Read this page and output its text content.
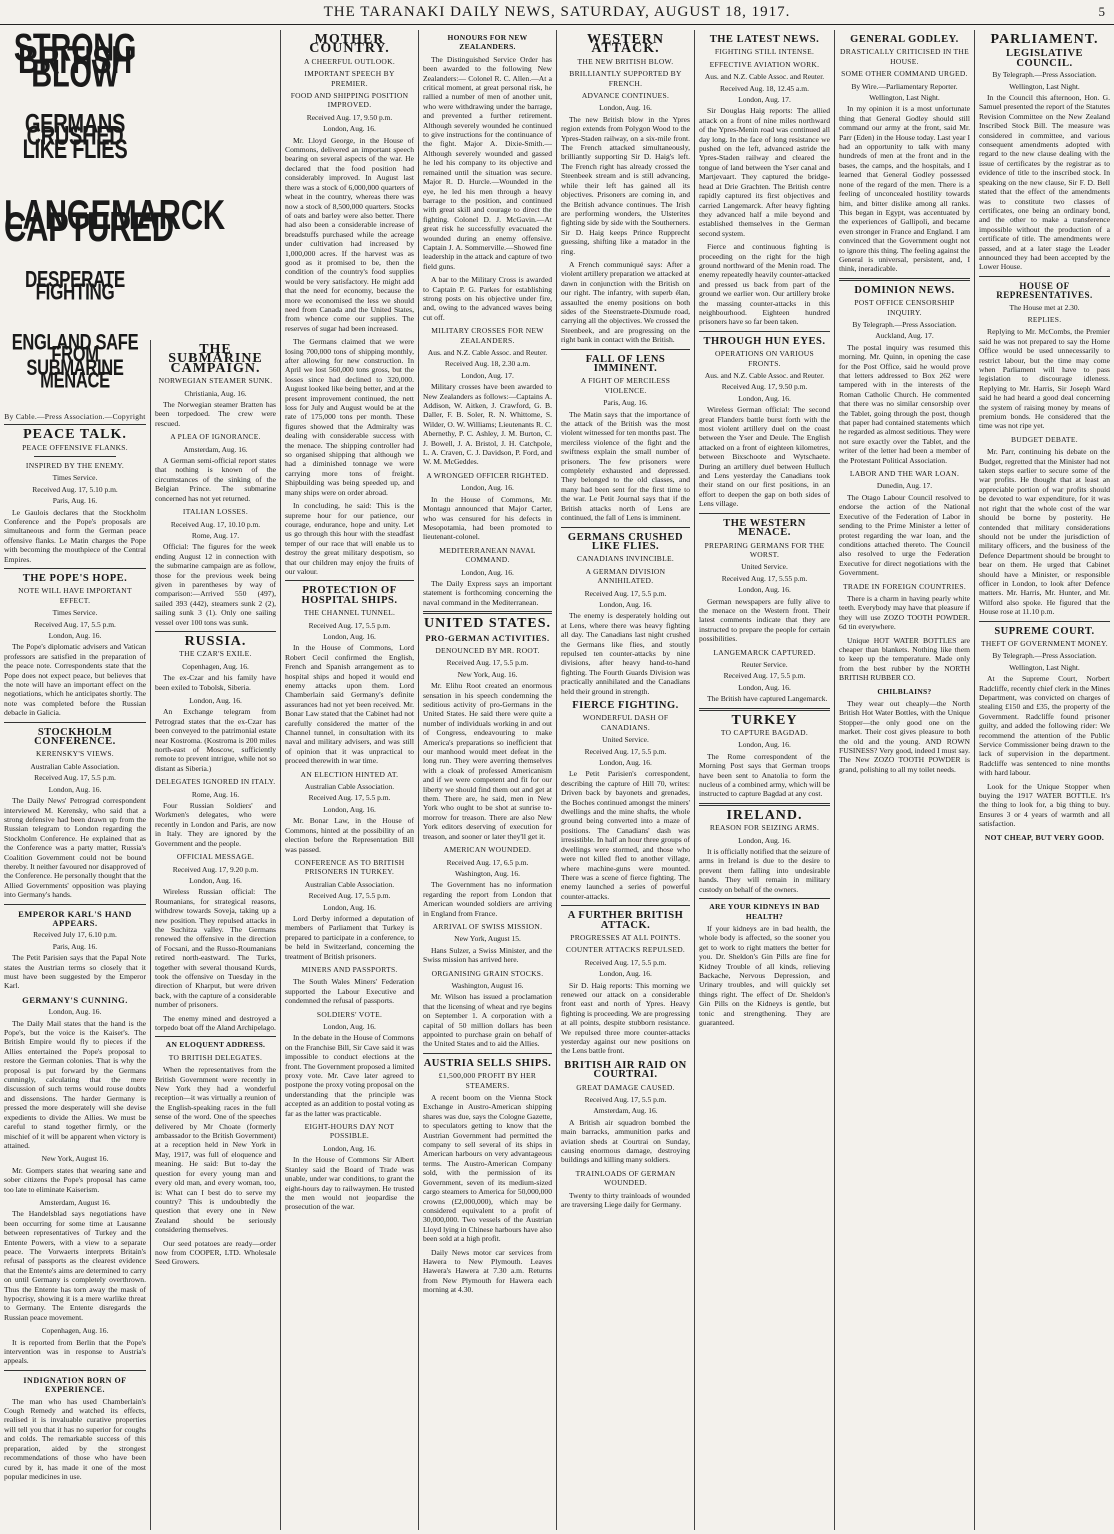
THE TARANAKI DAILY NEWS, SATURDAY, AUGUST 18, 1917.	5
STRONG BRITISH BLOW
GERMANS CRUSHED LIKE FLIES
LANGEMARCK CAPTURED
DESPERATE FIGHTING
ENGLAND SAFE FROM SUBMARINE MENACE
By Cable.—Press Association.—Copyright
PEACE TALK.
PEACE OFFENSIVE FLANKS.
INSPIRED BY THE ENEMY.
Times Service.
Received Aug. 17, 5.10 p.m.
Paris, Aug. 16.

Le Gaulois declares that the Stockholm Conference and the Pope's proposals are simultaneous and form the German peace offensive flanks. Le Matin charges the Pope with becoming the mouthpiece of the Central Empires.

THE POPE'S HOPE.
NOTE WILL HAVE IMPORTANT EFFECT.
Times Service.
Received Aug. 17, 5.5 p.m.
London, Aug. 16.

The Pope's diplomatic advisers and Vatican professors are satisfied in the preparation of the peace note. Correspondents state that the Pope does not expect peace, but believes that the note will have an important effect on the negotiations, which he anticipates shortly. The note was completed before the Russian debacle in Galicia.

STOCKHOLM CONFERENCE.
KERENSKY'S VIEWS.
Australian Cable Association.
Received Aug. 17, 5.5 p.m.
London, Aug. 16.

The Daily News' Petrograd correspondent interviewed M. Kerensky, who said that a strong defensive had been drawn up from the Russian telegram to London regarding the Stockholm Conference. He explained that as the Conference was a party matter, Russia's Coalition Government could not be bound thereby. It neither favoured nor disapproved of the Conference. He personally thought that the Allied Governments' opposition was playing into Germany's hands.

EMPEROR KARL'S HAND APPEARS.
Received July 17, 6.10 p.m.
Paris, Aug. 16.

The Petit Parisien says that the Papal Note states the Austrian terms so closely that it must have been suggested by the Emperor Karl.

GERMANY'S CUNNING.
London, Aug. 16.

The Daily Mail states that the hand is the Pope's, but the voice is the Kaiser's. The British Empire would fly to pieces if the Allies entertained the Pope's proposal to restore the German colonies. That is why the proposal is put forward by the Germans cunningly, calculating that the mere discussion of such terms would rouse doubts and dissensions. The harder Germany is pressed the more desperately will she devise expedients to divide the Allies. We must be careful to stand together firmly, or the mischief of it will be apparent when victory is attained.

New York, August 16.

Mr. Gompers states that wearing sane and sober citizens the Pope's proposal has came too late to eliminate Kaiserism.

Amsterdam, August 16.

The Handelsblad says negotiations have been occurring for some time at Lausanne between representatives of Turkey and the Entente Powers, with a view to a separate peace. The Vorwaerts interprets Britain's refusal of passports as the clearest evidence that the Entente's aims are determined to carry on until Germany is completely overthrown. Thus the Entente has torn away the mask of hypocrisy, showing it is a mere warlike threat to Germany. The Entente disregards the Russian peace movement.

Copenhagen, Aug. 16.

It is reported from Berlin that the Pope's intervention was in response to Austria's appeals.

INDIGNATION BORN OF EXPERIENCE.

The man who has used Chamberlain's Cough Remedy and watched its effects, realised it is invaluable curative properties will tell you that it has no superior for coughs and colds. The remarkable success of this preparation, aided by the strongest recommendations of those who have been cured by it, has made it one of the most popular medicines in use.

THE SUBMARINE CAMPAIGN.
NORWEGIAN STEAMER SUNK.
Christiania, Aug. 16.

The Norwegian steamer Bratten has been torpedoed. The crew were rescued.

A PLEA OF IGNORANCE.
Amsterdam, Aug. 16.

A German semi-official report states that nothing is known of the circumstances of the sinking of the Belgian Prince. The submarine concerned has not yet returned.

ITALIAN LOSSES.
Received Aug. 17, 10.10 p.m.
Rome, Aug. 17.

Official: The figures for the week ending August 12 in connection with the submarine campaign are as follow, those for the previous week being given in parentheses by way of comparison:—Arrived 550 (497), sailed 393 (442), steamers sunk 2 (2), sailing sunk 3 (1). Only one sailing vessel over 100 tons was sunk.

RUSSIA.
THE CZAR'S EXILE.
Copenhagen, Aug. 16.

The ex-Czar and his family have been exiled to Tobolsk, Siberia.

London, Aug. 16.

An Exchange telegram from Petrograd states that the ex-Czar has been conveyed to the patrimonial estate near Kostroma. (Kostroma is 200 miles north-east of Moscow, sufficiently remote to prevent intrigue, while not so distant as Siberia.)

DELEGATES IGNORED IN ITALY.
Rome, Aug. 16.

Four Russian Soldiers' and Workmen's delegates, who were recently in London and Paris, are now in Italy. They are ignored by the Government and the people.

OFFICIAL MESSAGE.
Received Aug. 17, 9.20 p.m.
London, Aug. 16.

Wireless Russian official: The Roumanians, for strategical reasons, withdrew towards Soveja, taking up a new position. They repulsed attacks in the Suchitza valley. The Germans renewed the offensive in the direction of Focsani, and the Russo-Roumanians retired north-eastward. The Turks, together with several thousand Kurds, took the offensive on Tuesday in the direction of Kharput, but were driven back, with the capture of a considerable number of prisoners.

The enemy mined and destroyed a torpedo boat off the Aland Archipelago.

AN ELOQUENT ADDRESS.
TO BRITISH DELEGATES.

When the representatives from the British Government were recently in New York they had a wonderful reception—it was virtually a reunion of the English-speaking races in the full sense of the word. One of the speeches delivered by Mr Choate (formerly ambassador to the British Government) at a reception held in New York in May, 1917, was full of eloquence and meaning. He said: But to-day the question for every young man and every old man, and every woman, too, is: What can I best do to serve my country? This is undoubtedly the question that every one in New Zealand should be seriously considering themselves.

Our seed potatoes are ready—order now from COOPER, LTD. Wholesale Seed Growers.

MOTHER COUNTRY.
A CHEERFUL OUTLOOK.
IMPORTANT SPEECH BY PREMIER.
FOOD AND SHIPPING POSITION IMPROVED.
Received Aug. 17, 9.50 p.m.
London, Aug. 16.

Mr. Lloyd George, in the House of Commons, delivered an important speech bearing on several aspects of the war. He declared that the food position had considerably improved. In August last there was a stock of 6,000,000 quarters of wheat in the country, whereas there was now a stock of 8,500,000 quarters. Stocks of oats and barley were also better. There had also been a considerable increase of breadstuffs purchased while the acreage under cultivation had increased by 1,000,000 acres. If the harvest was as good as it promised to be, then the condition of the country's food supplies would be very satisfactory. He might add that the need for economy, because the more we economised the less we should need from Canada and the United States, from whence come our supplies. The reserves of sugar had been increased.

The Germans claimed that we were losing 700,000 tons of shipping monthly, after allowing for new construction. In April we lost 560,000 tons gross, but the losses since had declined to 320,000. August looked like being better, and at the present improvement continued, the nett loss for July and August would be at the rate of 175,000 tons per month. These figures showed that the Admiralty was dealing with considerable success with the menace. The shipping controller had so organised shipping that although we had a diminished tonnage we were carrying more tons of freight. Shipbuilding was being speeded up, and many ships were on order abroad.

In concluding, he said: This is the supreme hour for our patience, our courage, endurance, hope and unity. Let us go through this hour with the steadfast temper of our race that will enable us to destroy the great military despotism, so that our children may enjoy the fruits of our valour.

PROTECTION OF HOSPITAL SHIPS.
THE CHANNEL TUNNEL.
Received Aug. 17, 5.5 p.m.
London, Aug. 16.

In the House of Commons, Lord Robert Cecil confirmed the English, French and Spanish arrangement as to hospital ships and hoped it would end enemy attacks upon them. Lord Chamberlain said Germany's definite assurances had not yet been received. Mr. Bonar Law stated that the Cabinet had not carefully considered the matter of the Channel tunnel, in consultation with its naval and military advisers, and was still of opinion that it was unpractical to proceed therewith in war time.

AN ELECTION HINTED AT.
Australian Cable Association.
Received Aug. 17, 5.5 p.m.
London, Aug. 16.

Mr. Bonar Law, in the House of Commons, hinted at the possibility of an election before the Representation Bill was passed.

CONFERENCE AS TO BRITISH PRISONERS IN TURKEY.
Australian Cable Association.
Received Aug. 17, 5.5 p.m.
London, Aug. 16.

Lord Derby informed a deputation of members of Parliament that Turkey is prepared to participate in a conference, to be held in Switzerland, concerning the treatment of British prisoners.

MINERS AND PASSPORTS.

The South Wales Miners' Federation supported the Labour Executive and condemned the refusal of passports.

SOLDIERS' VOTE.
London, Aug. 16.

In the debate in the House of Commons on the Franchise Bill, Sir Cave said it was impossible to conduct elections at the front. The Government proposed a limited proxy vote. Mr. Cave later agreed to postpone the proxy voting proposal on the understanding that the principle was accepted as an addition to postal voting as far as the latter was practicable.

EIGHT-HOURS DAY NOT POSSIBLE.
London, Aug. 16.

In the House of Commons Sir Albert Stanley said the Board of Trade was unable, under war conditions, to grant the eight-hours day to railwaymen. He trusted the men would not jeopardise the prosecution of the war.

HONOURS FOR NEW ZEALANDERS.

The Distinguished Service Order has been awarded to the following New Zealanders:— Colonel R. C. Allen.—At a critical moment, at great personal risk, he rallied a number of men of another unit, who were withdrawing under the barrage, and prevented a further retirement. Although severely wounded he continued to give instructions for the continuance of the fight. Major A. Dixie-Smith.—Although severely wounded and gassed he led his company to its objective and remained until the situation was secure. Major R. D. Hurcle.—Wounded in the eye, he led his men through a heavy barrage to the position, and continued with great skill and courage to direct the fighting. Colonel D. J. McGavin.—At great risk he successfully evacuated the wounded during an enemy offensive. Captain J. A. Sommerville.—Showed fine leadership in the attack and capture of two field guns.

A bar to the Military Cross is awarded to Captain P. G. Parkes for establishing strong posts on his objective under fire, and, owing to the advanced waves being cut off.

MILITARY CROSSES FOR NEW ZEALANDERS.
Aus. and N.Z. Cable Assoc. and Reuter.
Received Aug. 18, 2.30 a.m.
London, Aug. 17.

Military crosses have been awarded to New Zealanders as follows:—Captains A. Addison, W. Aitken, J. Crawford, G. B. Daller, F. B. Soler, R. N. Whittome, S. Wilder, O. W. Williams; Lieutenants R. C. Abernethy, P. C. Ashley, J. M. Burton, C. J. Bowell, J. A. Bristol, J. H. Catchpole, L. A. Craven, C. J. Davidson, P. Ford, and W. M. McGeddes.

A WRONGED OFFICER RIGHTED.
London, Aug. 16.

In the House of Commons, Mr. Montagu announced that Major Carter, who was censured for his defects in Mesopotamia, had been promoted to lieutenant-colonel.

MEDITERRANEAN NAVAL COMMAND.
London, Aug. 16.

The Daily Express says an important statement is forthcoming concerning the naval command in the Mediterranean.

UNITED STATES.
PRO-GERMAN ACTIVITIES.
DENOUNCED BY MR. ROOT.
Received Aug. 17, 5.5 p.m.
New York, Aug. 16.

Mr. Elihu Root created an enormous sensation in his speech condemning the seditious activity of pro-Germans in the United States. He said there were quite a number of individuals working in and out of Congress, endeavouring to make America's preparations so inefficient that our manhood would meet defeat in the long run. They were averring themselves with a cloak of professed Americanism and if we were competent and fit for our liberty we should find them out and get at them. There are, he said, men in New York who ought to be shot at sunrise to-morrow for treason. There are also New York editors deserving of execution for treason, and sooner or later they'll get it.

AMERICAN WOUNDED.
Received Aug. 17, 6.5 p.m.
Washington, Aug. 16.

The Government has no information regarding the report from London that American wounded soldiers are arriving in England from France.

ARRIVAL OF SWISS MISSION.
New York, August 15.

Hans Sulzer, a Swiss Minister, and the Swiss mission has arrived here.

ORGANISING GRAIN STOCKS.
Washington, August 16.

Mr. Wilson has issued a proclamation that the licensing of wheat and rye begins on September 1. A corporation with a capital of 50 million dollars has been appointed to purchase grain on behalf of the United States and to aid the Allies.

AUSTRIA SELLS SHIPS.
£1,500,000 PROFIT BY HER STEAMERS.

A recent boom on the Vienna Stock Exchange in Austro-American shipping shares was due, says the Cologne Gazette, to speculators getting to know that the Austrian Government had permitted the company to sell several of its ships in American harbours on very advantageous terms. The Austro-American Company sold, with the permission of its Government, seven of its medium-sized cargo steamers to America for 50,000,000 crowns (£2,000,000), which may be considered equivalent to a profit of 30,000,000. Two vessels of the Austrian Lloyd lying in Chinese harbours have also been sold at a high profit.

Daily News motor car services from Hawera to New Plymouth. Leaves Hawera's Hawera at 7.30 a.m. Returns from New Plymouth for Hawera each morning at 4.30.

WESTERN ATTACK.
THE NEW BRITISH BLOW.
BRILLIANTLY SUPPORTED BY FRENCH.
ADVANCE CONTINUES.
London, Aug. 16.

The new British blow in the Ypres region extends from Polygon Wood to the Ypres-Staden railway, on a six-mile front. The French attacked simultaneously, brilliantly supporting Sir D. Haig's left. The French right has already crossed the Steenbeek stream and is still advancing, while their left has gained all its objectives. Prisoners are coming in, and the British advance continues. The Irish are performing wonders, the Ulsterites fighting side by side with the Southerners. Sir D. Haig keeps Prince Rupprecht guessing, shifting like a matador in the ring.

A French communiqué says: After a violent artillery preparation we attacked at dawn in conjunction with the British on our right. The infantry, with superb élan, assaulted the enemy positions on both sides of the Steenstraete-Dixmude road, carrying all the objectives. We crossed the Steenbeek, and are progressing on the right bank in contact with the British.

FALL OF LENS IMMINENT.
A FIGHT OF MERCILESS VIOLENCE.
Paris, Aug. 16.

The Matin says that the importance of the attack of the British was the most violent witnessed for ten months past. The merciless violence of the fight and the swiftness explain the small number of prisoners. The few prisoners were completely exhausted and depressed. They belonged to the old classes, and many had been sent for the first time to the war. Le Petit Journal says that if the British attacks north of Lens are continued, the fall of Lens is imminent.

GERMANS CRUSHED LIKE FLIES.
CANADIANS INVINCIBLE.
A GERMAN DIVISION ANNIHILATED.
Received Aug. 17, 5.5 p.m.
London, Aug. 16.

The enemy is desperately holding out at Lens, where there was heavy fighting all day. The Canadians last night crushed the Germans like flies, and stoutly repulsed ten counter-attacks by nine divisions, after heavy hand-to-hand fighting. The Fourth Guards Division was practically annihilated and the Canadians held their ground in strength.

FIERCE FIGHTING.
WONDERFUL DASH OF CANADIANS.
United Service.
Received Aug. 17, 5.5 p.m.
London, Aug. 16.

Le Petit Parisien's correspondent, describing the capture of Hill 70, writes: Driven back by bayonets and grenades, the Boches continued amongst the miners' dwellings and the mine shafts, the whole ground being converted into a maze of positions. The Canadians' dash was irresistible. In half an hour three groups of dwellings were stormed, and those who were not killed fled to another village, where machine-guns were mounted. There was a scene of fierce fighting. The enemy launched a series of powerful counter-attacks.

A FURTHER BRITISH ATTACK.
PROGRESSES AT ALL POINTS.
COUNTER ATTACKS REPULSED.
Received Aug. 17, 5.5 p.m.
London, Aug. 16.

Sir D. Haig reports: This morning we renewed our attack on a considerable front east and north of Ypres. Heavy fighting is proceeding. We are progressing at all points, despite stubborn resistance. We repulsed three more counter-attacks yesterday against our new positions on the Lens battle front.

BRITISH AIR RAID ON COURTRAI.
GREAT DAMAGE CAUSED.
Received Aug. 17, 5.5 p.m.
Amsterdam, Aug. 16.

A British air squadron bombed the main barracks, ammunition parks and aviation sheds at Courtrai on Sunday, causing enormous damage, destroying buildings and killing many soldiers.

TRAINLOADS OF GERMAN WOUNDED.

Twenty to thirty trainloads of wounded are traversing Liege daily for Germany.

THE LATEST NEWS.
FIGHTING STILL INTENSE.
EFFECTIVE AVIATION WORK.
Aus. and N.Z. Cable Assoc. and Reuter.
Received Aug. 18, 12.45 a.m.
London, Aug. 17.

Sir Douglas Haig reports: The allied attack on a front of nine miles northward of the Ypres-Menin road was continued all day long. In the face of long resistance we pushed on the left, advanced astride the Ypres-Staden railway and cleared the tongue of land between the Yser canal and Martjevaart. They captured the bridge-head at Drie Grachten. The British centre rapidly captured its first objectives and carried Langemarck. After heavy fighting they advanced half a mile beyond and established themselves in the German second system.

Fierce and continuous fighting is proceeding on the right for the high ground northward of the Menin road. The enemy repeatedly heavily counter-attacked and pressed us back from part of the ground we earlier won. Our artillery broke the massing counter-attacks in this neighbourhood. Eighteen hundred prisoners have so far been taken.

THROUGH HUN EYES.
OPERATIONS ON VARIOUS FRONTS.
Aus. and N.Z. Cable Assoc. and Reuter.
Received Aug. 17, 9.50 p.m.
London, Aug. 16.

Wireless German official: The second great Flanders battle burst forth with the most violent artillery duel on the coast between the Yser and Deule. The English attacked on a front of eighteen kilometres, between Bixschoote and Wytschaete. During an artillery duel between Hulluch and Lens yesterday the Canadians took their stand on our first positions, in an effort to deepen the gap on both sides of Lens village.

THE WESTERN MENACE.
PREPARING GERMANS FOR THE WORST.
United Service.
Received Aug. 17, 5.55 p.m.
London, Aug. 16.

German newspapers are fully alive to the menace on the Western front. Their latest comments indicate that they are instructed to prepare the people for certain possibilities.

LANGEMARCK CAPTURED.
Reuter Service.
Received Aug. 17, 5.5 p.m.
London, Aug. 16.

The British have captured Langemarck.

TURKEY
TO CAPTURE BAGDAD.
London, Aug. 16.

The Rome correspondent of the Morning Post says that German troops have been sent to Anatolia to form the nucleus of a combined army, which will be instructed to capture Bagdad at any cost.

IRELAND.
REASON FOR SEIZING ARMS.
London, Aug. 16.

It is officially notified that the seizure of arms in Ireland is due to the desire to prevent them falling into undesirable hands. They will remain in military custody on behalf of the owners.

ARE YOUR KIDNEYS IN BAD HEALTH?

If your kidneys are in bad health, the whole body is affected, so the sooner you get to work to right matters the better for you. Dr. Sheldon's Gin Pills are fine for Kidney Trouble of all kinds, relieving Backache, Nervous Depression, and Urinary troubles, and will quickly set things right. The effect of Dr. Sheldon's Gin Pills on the Kidneys is gentle, but tonic and strengthening. They are guaranteed.

GENERAL GODLEY.
DRASTICALLY CRITICISED IN THE HOUSE.
SOME OTHER COMMAND URGED.
By Wire.—Parliamentary Reporter.
Wellington, Last Night.

In my opinion it is a most unfortunate thing that General Godley should still command our army at the front, said Mr. Parr (Eden) in the House today. Last year I had an opportunity to talk with many hundreds of men at the front and in the bases, the camps, and the hospitals, and I learned that General Godley possessed none of the regard of the men. There is a feeling of unconcealed hostility towards him, and bitter dislike among all ranks. This began in Egypt, was accentuated by the experiences of Gallipoli, and became even stronger in France and England. I am convinced that the Government ought not to ignore this thing. The feeling against the General is universal, persistent, and, I think, ineradicable.

DOMINION NEWS.
POST OFFICE CENSORSHIP INQUIRY.
By Telegraph.—Press Association.
Auckland, Aug. 17.

The postal inquiry was resumed this morning. Mr. Quinn, in opening the case for the Post Office, said he would prove that letters addressed to Box 262 were tampered with in the interests of the Roman Catholic Church. He commented that there was no similar censorship over the Tablet, going through the post, though that paper had contained statements which he regarded as almost seditious. They were not sure exactly over the Tablet, and the writer of the letter had been a member of the Protestant Political Association.

LABOR AND THE WAR LOAN.
Dunedin, Aug. 17.

The Otago Labour Council resolved to endorse the action of the National Executive of the Federation of Labor in sending to the Prime Minister a letter of protest regarding the war loan, and the conditions attached thereto. The Council also resolved to urge the Federation Executive for direct negotiations with the Government.

TRADE IN FOREIGN COUNTRIES.

There is a charm in having pearly white teeth. Everybody may have that pleasure if they will use ZOZO TOOTH POWDER. 6d tin everywhere.

Unique HOT WATER BOTTLES are cheaper than blankets. Nothing like them to keep up the temperature. Made only from the best rubber by the NORTH BRITISH RUBBER CO.

CHILBLAINS?

They wear out cheaply—the North British Hot Water Bottles, with the Unique Stopper—the only good one on the market. Their cost gives pleasure to both the old and the young. AND ROWN FUSINESS? Very good, indeed I must say. The New ZOZO TOOTH POWDER is grand, polishing to all my toilet needs.

PARLIAMENT.
LEGISLATIVE COUNCIL.
By Telegraph.—Press Association.
Wellington, Last Night.

In the Council this afternoon, Hon. G. Samuel presented the report of the Statutes Revision Committee on the New Zealand Inscribed Stock Bill. The measure was considered in committee, and various consequent amendments adopted with regard to the new clause dealing with the issue of certificates by the registrar as to evidence of title to the inscribed stock. In speaking on the new clause, Sir F. D. Bell stated that the effect of the amendments was to constitute two classes of certificates, one being an ordinary bond, and the other to make a transference impossible without the production of a certificate of title. The amendments were passed, and at a later stage the Leader announced they had been accepted by the Lower House.

HOUSE OF REPRESENTATIVES.
The House met at 2.30.
REPLIES.

Replying to Mr. McCombs, the Premier said he was not prepared to say the Home Office would be used unnecessarily to restrict labour, but the time may come when Parliament will have to pass legislation to discourage idleness. Replying to Mr. Harris, Sir Joseph Ward said he had heard a good deal concerning the system of raising money by means of premium bonds. He considered that the time was not ripe yet.

BUDGET DEBATE.

Mr. Parr, continuing his debate on the Budget, regretted that the Minister had not taken steps earlier to secure some of the war profits. He thought that at least an appreciable portion of war profits should be devoted to war expenditure, for it was not right that the whole cost of the war should be borne by posterity. He contended that military considerations should not be under the jurisdiction of military officers, and the business of the Defence Department should be brought to bear on them. He urged that Cabinet should have a Minister, or responsible officer in London, to look after Defence matters. Mr. Harris, Mr. Hunter, and Mr. Wilford also spoke. He figured that the House rose at 11.10 p.m.

SUPREME COURT.
THEFT OF GOVERNMENT MONEY.
By Telegraph.—Press Association.
Wellington, Last Night.

At the Supreme Court, Norbert Radcliffe, recently chief clerk in the Mines Department, was convicted on charges of stealing £150 and £35, the property of the Government. Radcliffe found prisoner guilty, and added the following rider: We recommend the attention of the Public Service Commissioner being drawn to the lack of supervision in the department. Radcliffe was sentenced to nine months with hard labour.

Look for the Unique Stopper when buying the 1917 WATER BOTTLE. It's the thing to look for, a big thing to buy. Ensures 3 or 4 years of warmth and all satisfaction.

NOT CHEAP, BUT VERY GOOD.
